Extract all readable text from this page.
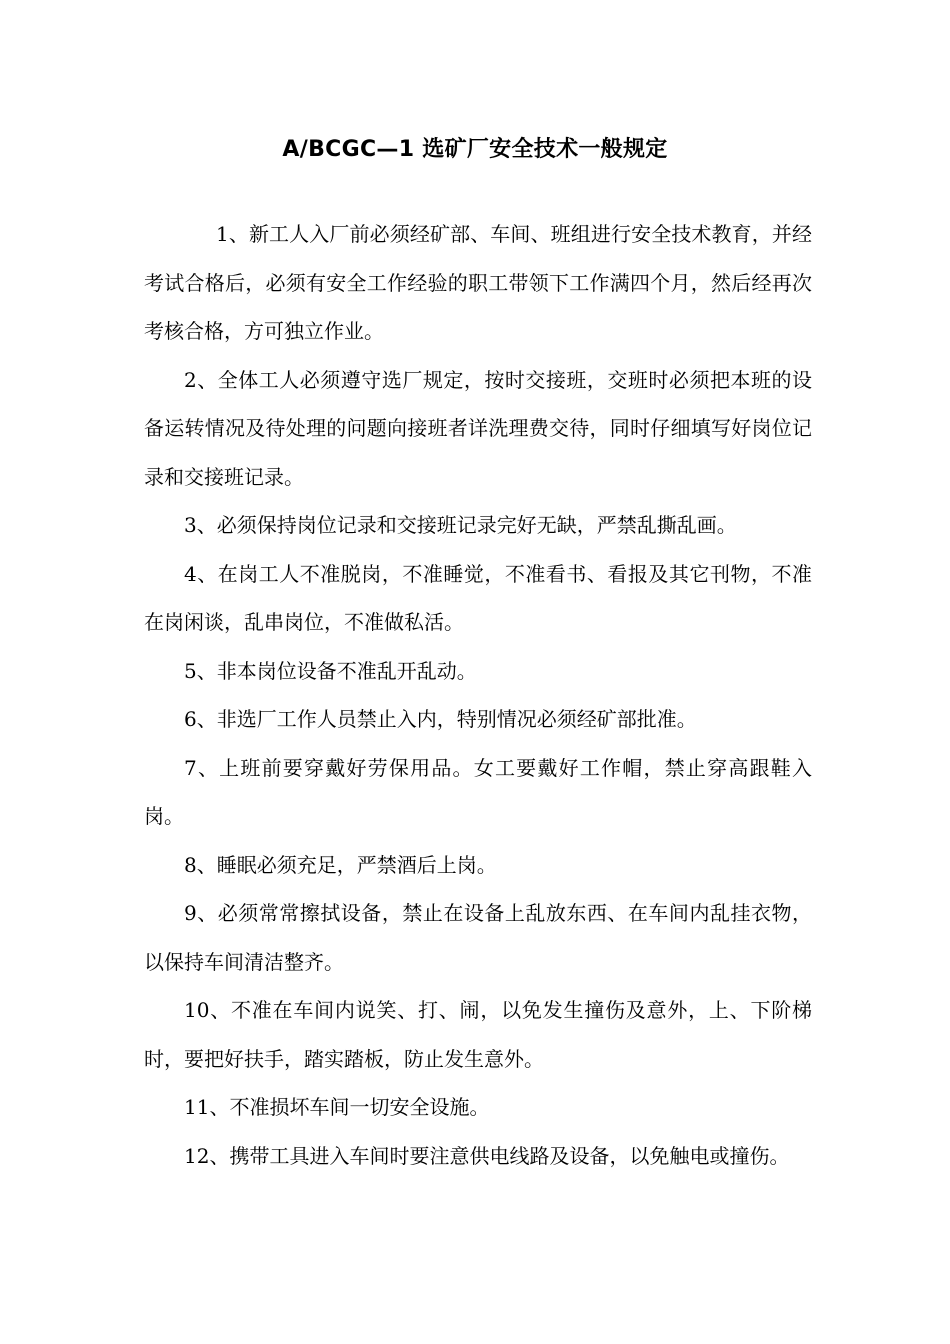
A/BCGC—1 选矿厂安全技术一般规定

1、新工人入厂前必须经矿部、车间、班组进行安全技术教育，并经考试合格后，必须有安全工作经验的职工带领下工作满四个月，然后经再次考核合格，方可独立作业。

2、全体工人必须遵守选厂规定，按时交接班，交班时必须把本班的设备运转情况及待处理的问题向接班者详洗理费交待，同时仔细填写好岗位记录和交接班记录。

3、必须保持岗位记录和交接班记录完好无缺，严禁乱撕乱画。

4、在岗工人不准脱岗，不准睡觉，不准看书、看报及其它刊物，不准在岗闲谈，乱串岗位，不准做私活。

5、非本岗位设备不准乱开乱动。

6、非选厂工作人员禁止入内，特别情况必须经矿部批准。

7、上班前要穿戴好劳保用品。女工要戴好工作帽，禁止穿高跟鞋入岗。

8、睡眠必须充足，严禁酒后上岗。

9、必须常常擦拭设备，禁止在设备上乱放东西、在车间内乱挂衣物，以保持车间清洁整齐。

10、不准在车间内说笑、打、闹，以免发生撞伤及意外，上、下阶梯时，要把好扶手，踏实踏板，防止发生意外。

11、不准损坏车间一切安全设施。

12、携带工具进入车间时要注意供电线路及设备，以免触电或撞伤。
